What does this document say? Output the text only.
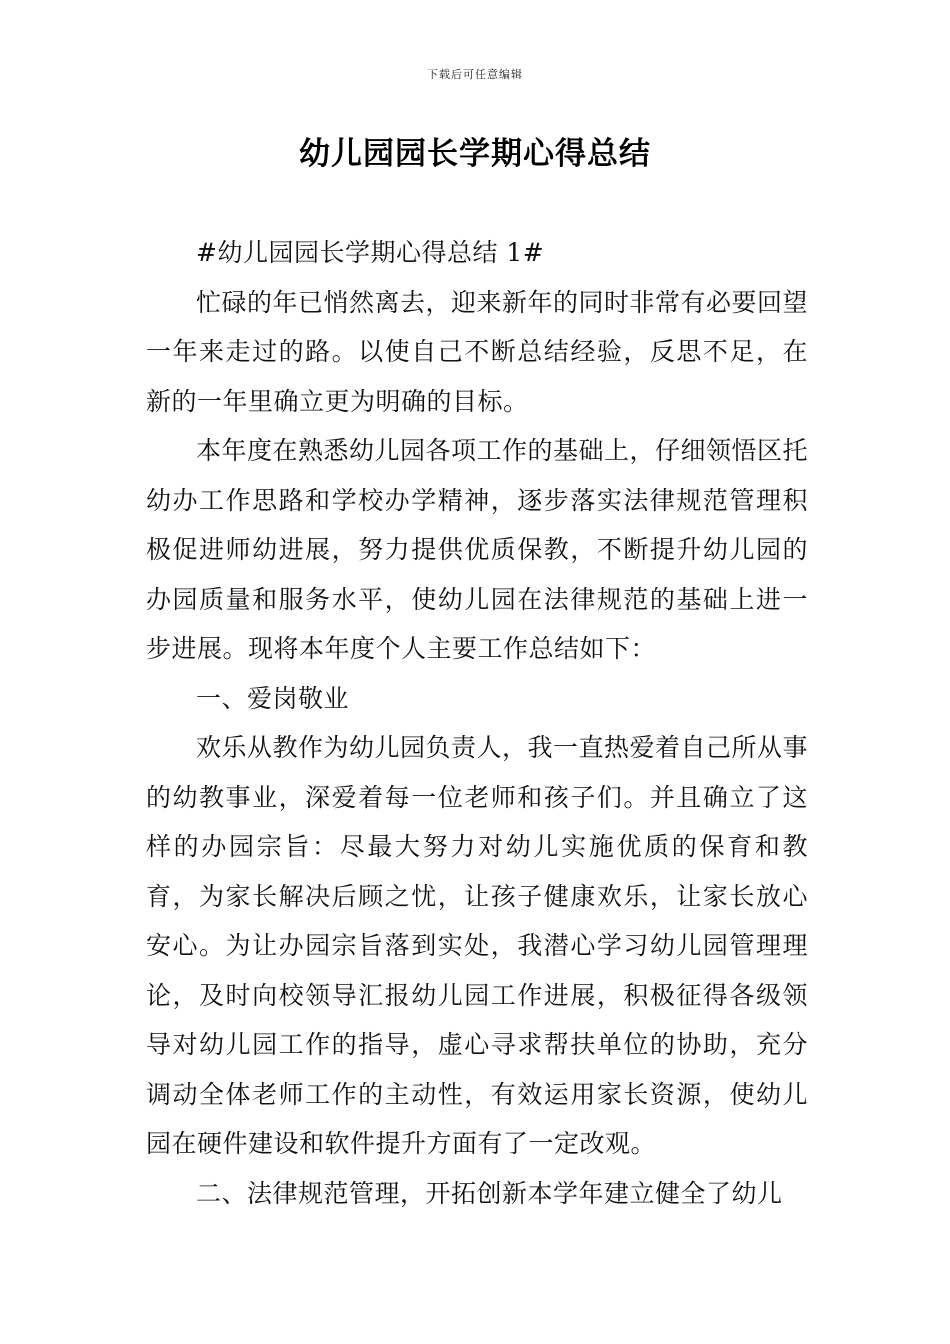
下载后可任意编辑
幼儿园园长学期心得总结

#幼儿园园长学期心得总结 1#

忙碌的年已悄然离去，迎来新年的同时非常有必要回望一年来走过的路。以使自己不断总结经验，反思不足，在新的一年里确立更为明确的目标。

本年度在熟悉幼儿园各项工作的基础上，仔细领悟区托幼办工作思路和学校办学精神，逐步落实法律规范管理积极促进师幼进展，努力提供优质保教，不断提升幼儿园的办园质量和服务水平，使幼儿园在法律规范的基础上进一步进展。现将本年度个人主要工作总结如下：

一、爱岗敬业

欢乐从教作为幼儿园负责人，我一直热爱着自己所从事的幼教事业，深爱着每一位老师和孩子们。并且确立了这样的办园宗旨：尽最大努力对幼儿实施优质的保育和教育，为家长解决后顾之忧，让孩子健康欢乐，让家长放心安心。为让办园宗旨落到实处，我潜心学习幼儿园管理理论，及时向校领导汇报幼儿园工作进展，积极征得各级领导对幼儿园工作的指导，虚心寻求帮扶单位的协助，充分调动全体老师工作的主动性，有效运用家长资源，使幼儿园在硬件建设和软件提升方面有了一定改观。

二、法律规范管理，开拓创新本学年建立健全了幼儿
